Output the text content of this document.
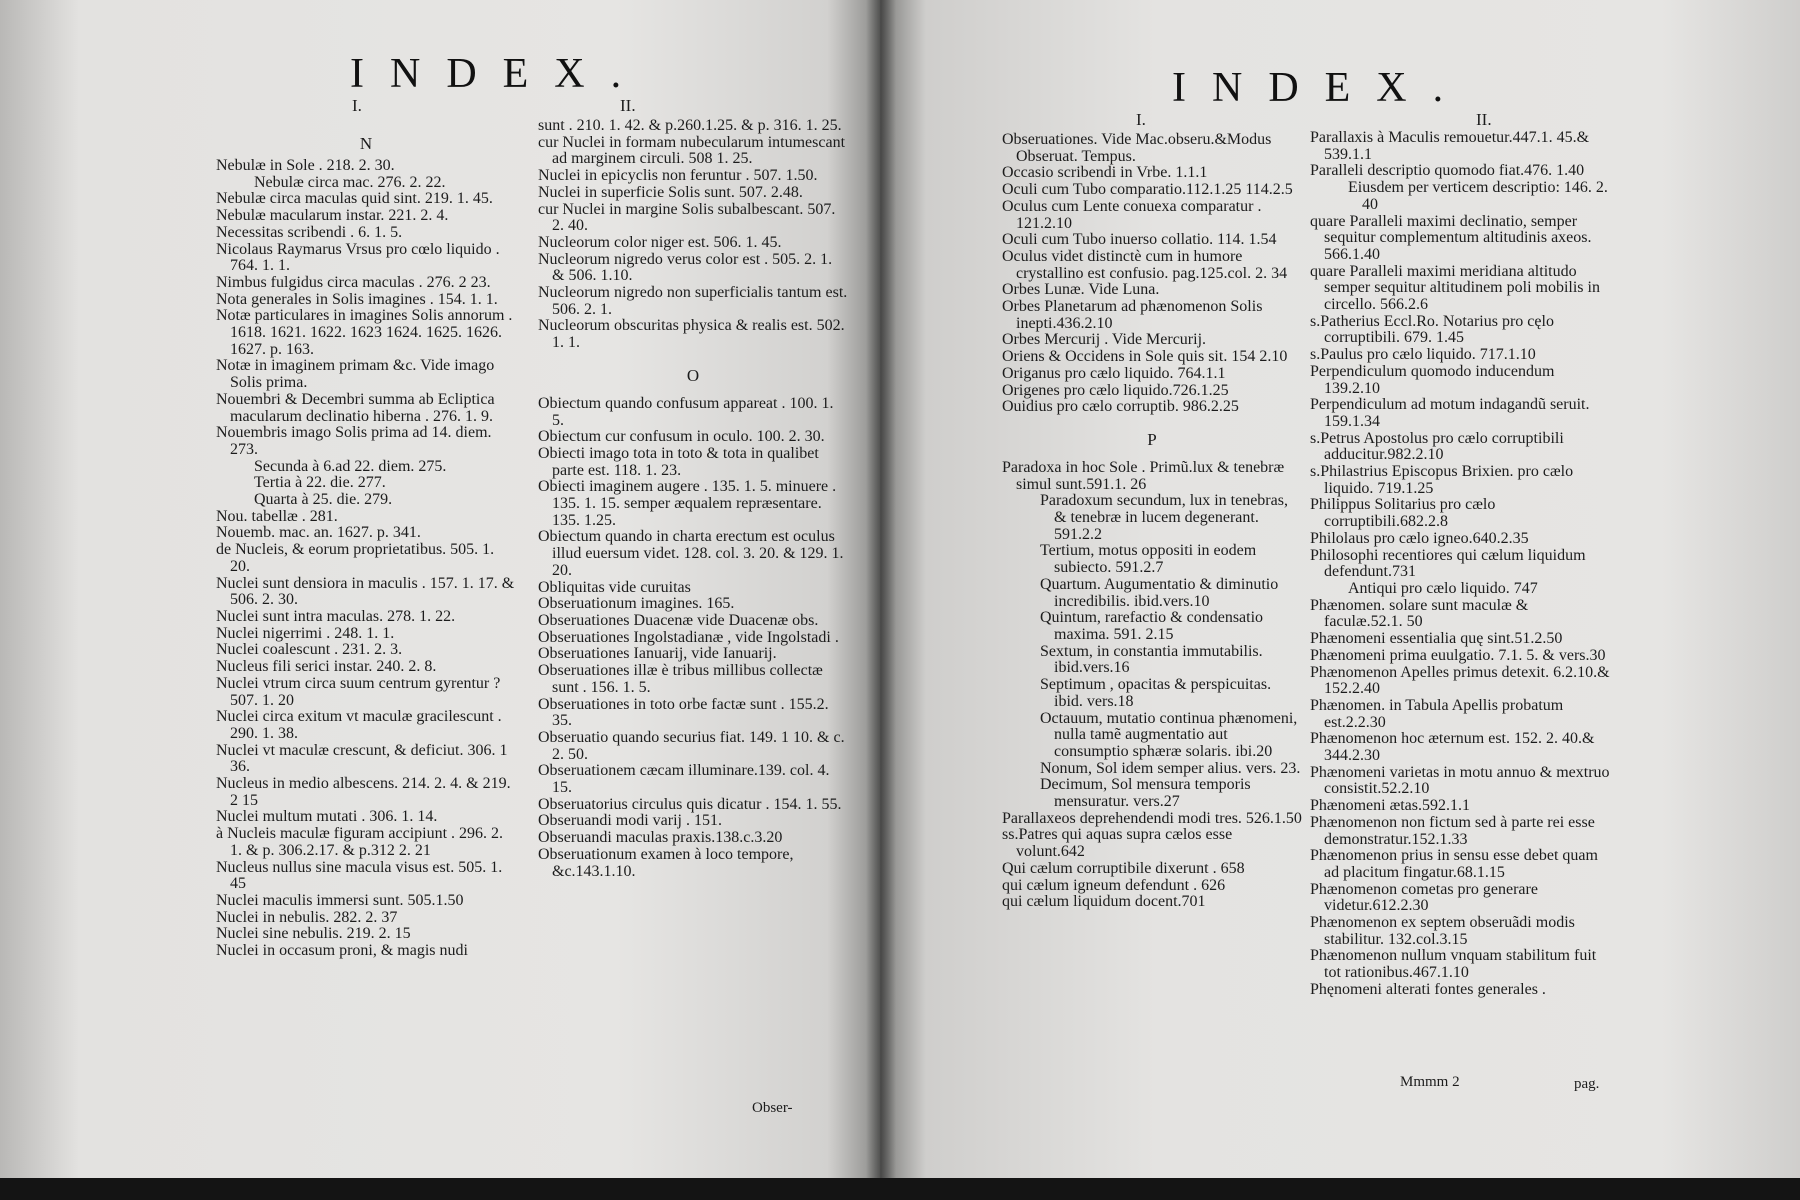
INDEX.
I.	II.
N
Nebulæ in Sole . 218. 2. 30.
Nebulæ circa mac. 276. 2. 22.
Nebulæ circa maculas quid sint. 219. 1. 45.
Nebulæ macularum instar. 221. 2. 4.
Necessitas scribendi . 6. 1. 5.
Nicolaus Raymarus Vrsus pro cœlo liquido . 764. 1. 1.
Nimbus fulgidus circa maculas . 276. 2 23.
Nota generales in Solis imagines . 154. 1. 1.
Notæ particulares in imagines Solis annorum . 1618. 1621. 1622. 1623 1624. 1625. 1626. 1627. p. 163.
Notæ in imaginem primam &c. Vide imago Solis prima.
Nouembri & Decembri summa ab Ecliptica macularum declinatio hiberna . 276. 1. 9.
Nouembris imago Solis prima ad 14. diem. 273.
Secunda à 6.ad 22. diem. 275.
Tertia à 22. die. 277.
Quarta à 25. die. 279.
Nou. tabellæ . 281.
Nouemb. mac. an. 1627. p. 341.
de Nucleis, & eorum proprietatibus. 505. 1. 20.
Nuclei sunt densiora in maculis . 157. 1. 17. & 506. 2. 30.
Nuclei sunt intra maculas. 278. 1. 22.
Nuclei nigerrimi . 248. 1. 1.
Nuclei coalescunt . 231. 2. 3.
Nucleus fili serici instar. 240. 2. 8.
Nuclei vtrum circa suum centrum gyrentur ? 507. 1. 20
Nuclei circa exitum vt maculæ gracilescunt . 290. 1. 38.
Nuclei vt maculæ crescunt, & deficiut. 306. 1 36.
Nucleus in medio albescens. 214. 2. 4. & 219. 2 15
Nuclei multum mutati . 306. 1. 14.
à Nucleis maculæ figuram accipiunt . 296. 2. 1. & p. 306.2.17. & p.312 2. 21
Nucleus nullus sine macula visus est. 505. 1. 45
Nuclei maculis immersi sunt. 505.1.50
Nuclei in nebulis. 282. 2. 37
Nuclei sine nebulis. 219. 2. 15
Nuclei in occasum proni, & magis nudi
sunt . 210. 1. 42. & p.260.1.25. & p. 316. 1. 25.
cur Nuclei in formam nubecularum intumescant ad marginem circuli. 508 1. 25.
Nuclei in epicyclis non feruntur . 507. 1.50.
Nuclei in superficie Solis sunt. 507. 2.48.
cur Nuclei in margine Solis subalbescant. 507. 2. 40.
Nucleorum color niger est. 506. 1. 45.
Nucleorum nigredo verus color est . 505. 2. 1. & 506. 1.10.
Nucleorum nigredo non superficialis tantum est. 506. 2. 1.
Nucleorum obscuritas physica & realis est. 502. 1. 1.
O
Obiectum quando confusum appareat . 100. 1. 5.
Obiectum cur confusum in oculo. 100. 2. 30.
Obiecti imago tota in toto & tota in qualibet parte est. 118. 1. 23.
Obiecti imaginem augere . 135. 1. 5. minuere . 135. 1. 15. semper æqualem repræsentare. 135. 1.25.
Obiectum quando in charta erectum est oculus illud euersum videt. 128. col. 3. 20. & 129. 1. 20.
Obliquitas vide curuitas
Obseruationum imagines. 165.
Obseruationes Duacenæ vide Duacenæ obs.
Obseruationes Ingolstadianæ , vide Ingolstadi .
Obseruationes Ianuarij, vide Ianuarij.
Obseruationes illæ è tribus millibus collectæ sunt . 156. 1. 5.
Obseruationes in toto orbe factæ sunt . 155.2. 35.
Obseruatio quando securius fiat. 149. 1 10. & c. 2. 50.
Obseruationem cæcam illuminare.139. col. 4. 15.
Obseruatorius circulus quis dicatur . 154. 1. 55.
Obseruandi modi varij . 151.
Obseruandi maculas praxis.138.c.3.20
Obseruationum examen à loco tempore, &c.143.1.10.
Obser-
INDEX.
I.	II.
Obseruationes. Vide Mac.obseru.&Modus Obseruat. Tempus.
Occasio scribendi in Vrbe. 1.1.1
Oculi cum Tubo comparatio.112.1.25 114.2.5
Oculus cum Lente conuexa comparatur . 121.2.10
Oculi cum Tubo inuerso collatio. 114. 1.54
Oculus videt distinctè cum in humore crystallino est confusio. pag.125.col. 2. 34
Orbes Lunæ. Vide Luna.
Orbes Planetarum ad phænomenon Solis inepti.436.2.10
Orbes Mercurij . Vide Mercurij.
Oriens & Occidens in Sole quis sit. 154 2.10
Origanus pro cælo liquido. 764.1.1
Origenes pro cælo liquido.726.1.25
Ouidius pro cælo corruptib. 986.2.25
P
Paradoxa in hoc Sole . Primũ.lux & tenebræ simul sunt.591.1. 26
Paradoxum secundum, lux in tenebras, & tenebræ in lucem degenerant. 591.2.2
Tertium, motus oppositi in eodem subiecto. 591.2.7
Quartum. Augumentatio & diminutio incredibilis. ibid.vers.10
Quintum, rarefactio & condensatio maxima. 591. 2.15
Sextum, in constantia immutabilis. ibid.vers.16
Septimum , opacitas & perspicuitas. ibid. vers.18
Octauum, mutatio continua phænomeni, nulla tamẽ augmentatio aut consumptio sphæræ solaris. ibi.20
Nonum, Sol idem semper alius. vers. 23.
Decimum, Sol mensura temporis mensuratur. vers.27
Parallaxeos deprehendendi modi tres. 526.1.50
ss.Patres qui aquas supra cælos esse volunt.642
Qui cælum corruptibile dixerunt . 658
qui cælum igneum defendunt . 626
qui cælum liquidum docent.701
Parallaxis à Maculis remouetur.447.1. 45.& 539.1.1
Paralleli descriptio quomodo fiat.476. 1.40
Eiusdem per verticem descriptio: 146. 2. 40
quare Paralleli maximi declinatio, semper sequitur complementum altitudinis axeos. 566.1.40
quare Paralleli maximi meridiana altitudo semper sequitur altitudinem poli mobilis in circello. 566.2.6
s.Patherius Eccl.Ro. Notarius pro cęlo corruptibili. 679. 1.45
s.Paulus pro cælo liquido. 717.1.10
Perpendiculum quomodo inducendum 139.2.10
Perpendiculum ad motum indagandũ seruit. 159.1.34
s.Petrus Apostolus pro cælo corruptibili adducitur.982.2.10
s.Philastrius Episcopus Brixien. pro cælo liquido. 719.1.25
Philippus Solitarius pro cælo corruptibili.682.2.8
Philolaus pro cælo igneo.640.2.35
Philosophi recentiores qui cælum liquidum defendunt.731
Antiqui pro cælo liquido. 747
Phænomen. solare sunt maculæ & faculæ.52.1. 50
Phænomeni essentialia quę sint.51.2.50
Phænomeni prima euulgatio. 7.1. 5. & vers.30
Phænomenon Apelles primus detexit. 6.2.10.& 152.2.40
Phænomen. in Tabula Apellis probatum est.2.2.30
Phænomenon hoc æternum est. 152. 2. 40.& 344.2.30
Phænomeni varietas in motu annuo & mextruo consistit.52.2.10
Phænomeni ætas.592.1.1
Phænomenon non fictum sed à parte rei esse demonstratur.152.1.33
Phænomenon prius in sensu esse debet quam ad placitum fingatur.68.1.15
Phænomenon cometas pro generare videtur.612.2.30
Phænomenon ex septem obseruãdi modis stabilitur. 132.col.3.15
Phænomenon nullum vnquam stabilitum fuit tot rationibus.467.1.10
Phęnomeni alterati fontes generales .
Mmmm 2	pag.
